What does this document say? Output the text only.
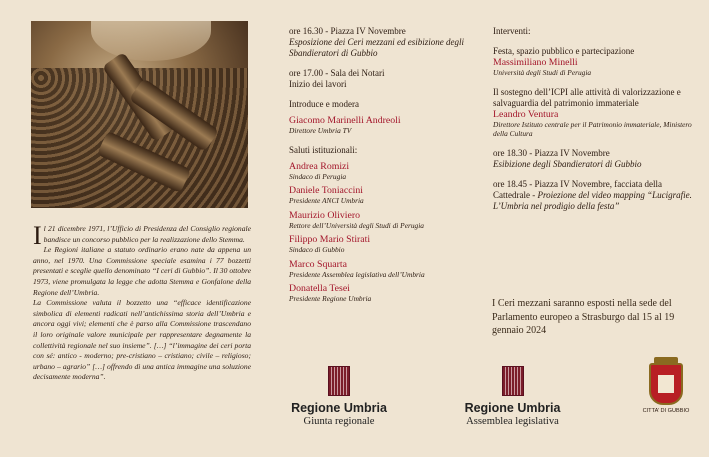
Il 21 dicembre 1971, l’Ufficio di Presidenza del Consiglio regionale bandisce un concorso pubblico per la realizzazione dello Stemma.

Le Regioni italiane a statuto ordinario erano nate da appena un anno, nel 1970. Una Commissione speciale esamina i 77 bozzetti presentati e sceglie quello denominato “I ceri di Gubbio”. Il 30 ottobre 1973, viene promulgata la legge che adotta Stemma e Gonfalone della Regione dell’Umbria.

La Commissione valuta il bozzetto una “efficace identificazione simbolica di elementi radicati nell’antichissima storia dell’Umbria e ancora oggi vivi; elementi che è parso alla Commissione trascendano il loro originale valore municipale per rappresentare degnamente la collettività regionale nel suo insieme”. […] “l’immagine dei ceri porta con sé: antico - moderno; pre-cristiano – cristiano; civile – religioso; urbano – agrario” […] offrendo di una antica immagine una soluzione decisamente moderna”.

ore 16.30 - Piazza IV Novembre
Esposizione dei Ceri mezzani ed esibizione degli Sbandieratori di Gubbio
ore 17.00 - Sala dei Notari
Inizio dei lavori
Introduce e modera
Giacomo Marinelli Andreoli
Direttore Umbria TV
Saluti istituzionali:
Andrea Romizi
Sindaco di Perugia
Daniele Toniaccini
Presidente ANCI Umbria
Maurizio Oliviero
Rettore dell’Università degli Studi di Perugia
Filippo Mario Stirati
Sindaco di Gubbio
Marco Squarta
Presidente Assemblea legislativa dell’Umbria
Donatella Tesei
Presidente Regione Umbria
Interventi:
Festa, spazio pubblico e partecipazione
Massimiliano Minelli
Università degli Studi di Perugia
Il sostegno dell’ICPI alle attività di valorizzazione e salvaguardia del patrimonio immateriale
Leandro Ventura
Direttore Istituto centrale per il Patrimonio immateriale, Ministero della Cultura
ore 18.30 - Piazza IV Novembre
Esibizione degli Sbandieratori di Gubbio
ore 18.45 - Piazza IV Novembre, facciata della Cattedrale - Proiezione del video mapping “Lucigrafie. L’Umbria nel prodigio della festa”
I Ceri mezzani saranno esposti nella sede del Parlamento europeo a Strasburgo dal 15 al 19 gennaio 2024
Regione Umbria
Giunta regionale
Regione Umbria
Assemblea legislativa
CITTA’ DI GUBBIO
